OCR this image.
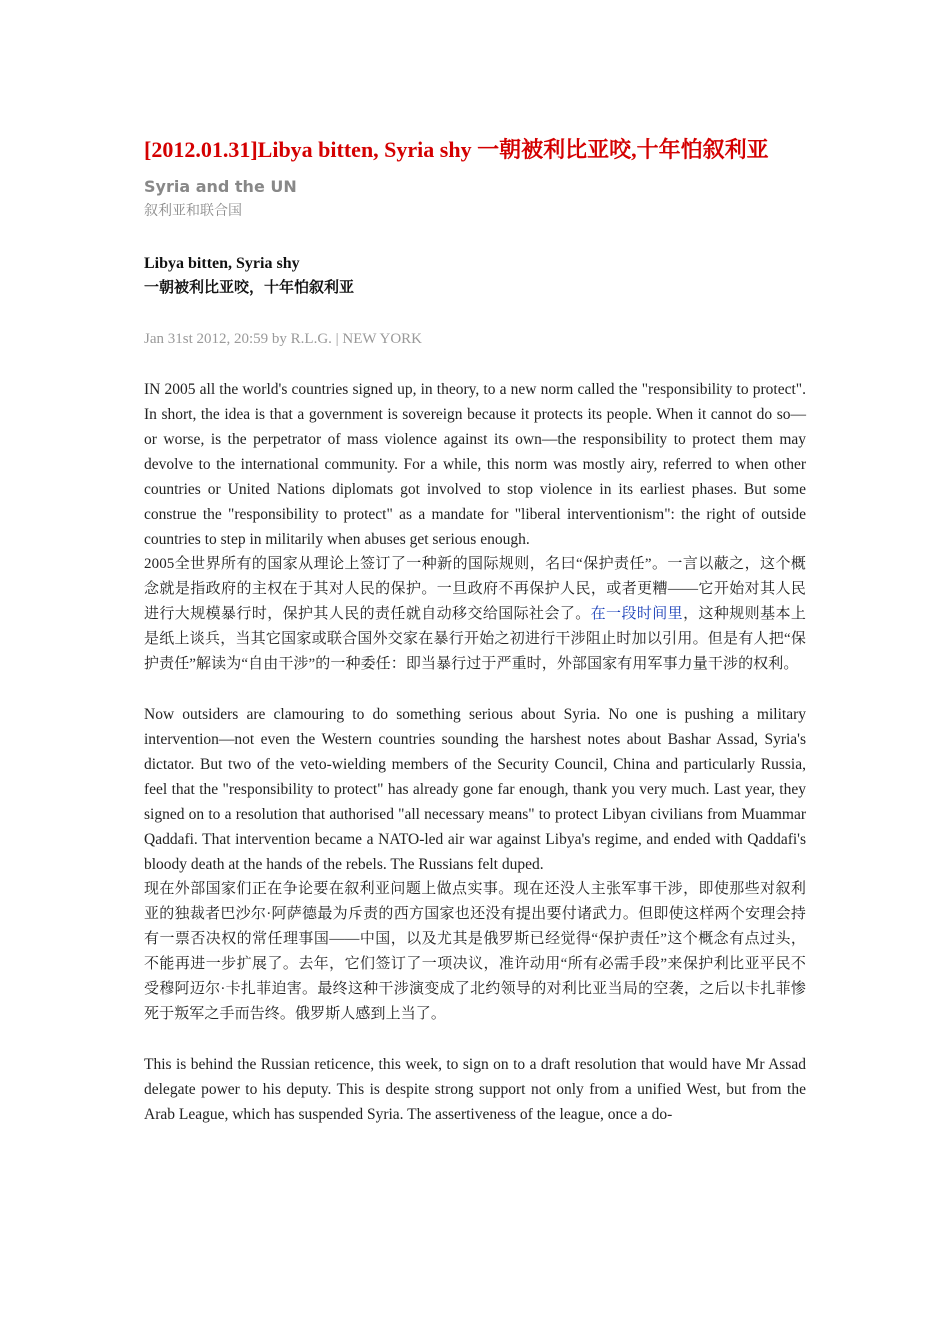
[2012.01.31]Libya bitten, Syria shy 一朝被利比亚咬,十年怕叙利亚
Syria and the UN
叙利亚和联合国
Libya bitten, Syria shy
一朝被利比亚咬，十年怕叙利亚
Jan 31st 2012, 20:59 by R.L.G. | NEW YORK

IN 2005 all the world's countries signed up, in theory, to a new norm called the "responsibility to protect". In short, the idea is that a government is sovereign because it protects its people. When it cannot do so—or worse, is the perpetrator of mass violence against its own—the responsibility to protect them may devolve to the international community. For a while, this norm was mostly airy, referred to when other countries or United Nations diplomats got involved to stop violence in its earliest phases. But some construe the "responsibility to protect" as a mandate for "liberal interventionism": the right of outside countries to step in militarily when abuses get serious enough.

2005全世界所有的国家从理论上签订了一种新的国际规则，名曰“保护责任”。一言以蔽之，这个概念就是指政府的主权在于其对人民的保护。一旦政府不再保护人民，或者更糟——它开始对其人民进行大规模暴行时，保护其人民的责任就自动移交给国际社会了。在一段时间里，这种规则基本上是纸上谈兵，当其它国家或联合国外交家在暴行开始之初进行干涉阻止时加以引用。但是有人把“保护责任”解读为“自由干涉”的一种委任：即当暴行过于严重时，外部国家有用军事力量干涉的权利。

Now outsiders are clamouring to do something serious about Syria. No one is pushing a military intervention—not even the Western countries sounding the harshest notes about Bashar Assad, Syria's dictator. But two of the veto-wielding members of the Security Council, China and particularly Russia, feel that the "responsibility to protect" has already gone far enough, thank you very much. Last year, they signed on to a resolution that authorised "all necessary means" to protect Libyan civilians from Muammar Qaddafi. That intervention became a NATO-led air war against Libya's regime, and ended with Qaddafi's bloody death at the hands of the rebels. The Russians felt duped.

现在外部国家们正在争论要在叙利亚问题上做点实事。现在还没人主张军事干涉，即使那些对叙利亚的独裁者巴沙尔·阿萨德最为斥责的西方国家也还没有提出要付诸武力。但即使这样两个安理会持有一票否决权的常任理事国——中国，以及尤其是俄罗斯已经觉得“保护责任”这个概念有点过头，不能再进一步扩展了。去年，它们签订了一项决议，准许动用“所有必需手段”来保护利比亚平民不受穆阿迈尔·卡扎菲迫害。最终这种干涉演变成了北约领导的对利比亚当局的空袭，之后以卡扎菲惨死于叛军之手而告终。俄罗斯人感到上当了。

This is behind the Russian reticence, this week, to sign on to a draft resolution that would have Mr Assad delegate power to his deputy. This is despite strong support not only from a unified West, but from the Arab League, which has suspended Syria. The assertiveness of the league, once a do-
